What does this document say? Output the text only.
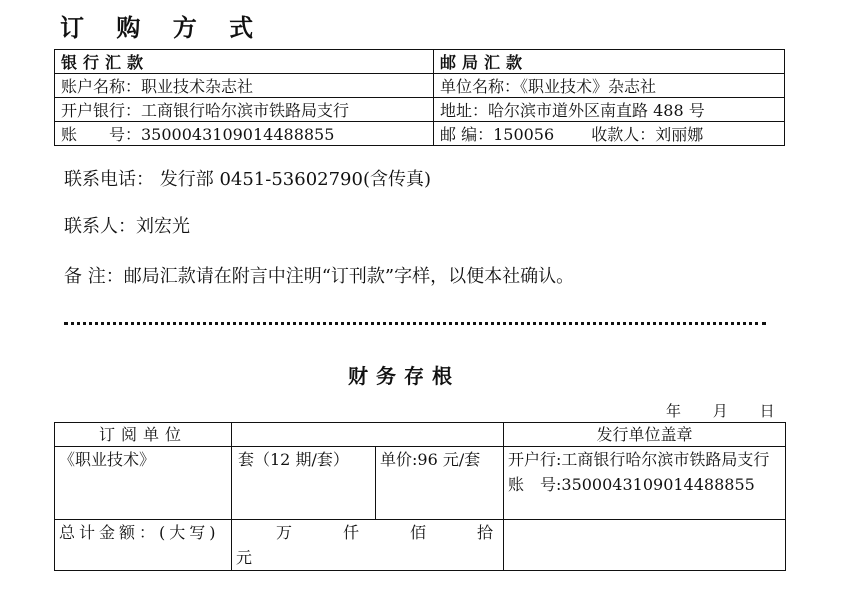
订 购 方 式
银行汇款	邮局汇款
账户名称：职业技术杂志社	单位名称：《职业技术》杂志社
开户银行：工商银行哈尔滨市铁路局支行	地址：哈尔滨市道外区南直路 488 号
账　　号：3500043109014488855	邮 编：150056　　 收款人：刘丽娜
联系电话： 发行部 0451-53602790(含传真)
联系人：刘宏光
备 注：邮局汇款请在附言中注明“订刊款”字样，以便本社确认。
财务存根
年 月 日
订阅单位			发行单位盖章
《职业技术》	套（12 期/套）	单价:96 元/套	开户行:工商银行哈尔滨市铁路局支行
账　号:3500043109014488855

总计金额：(大写)	万 仟 佰 拾
元		
